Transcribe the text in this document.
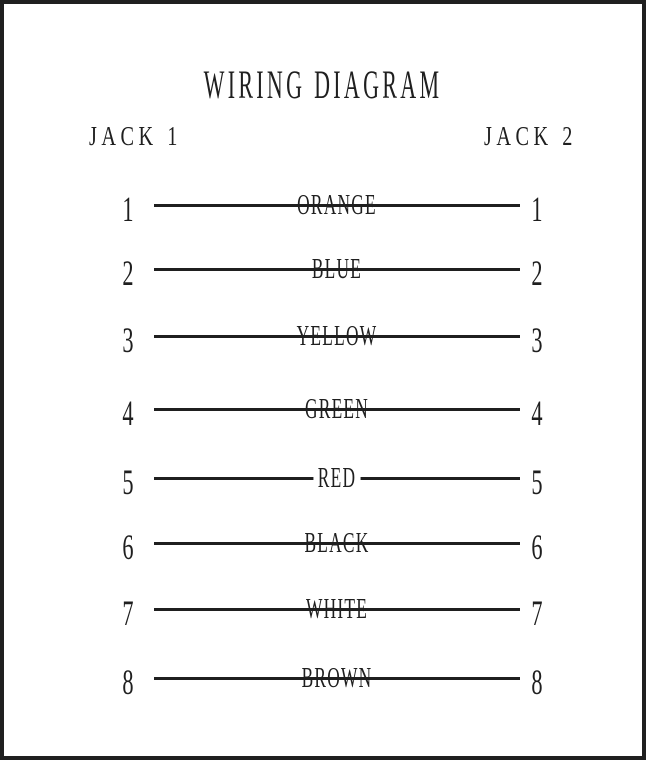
WIRING DIAGRAM
JACK 1	JACK 2
1	ORANGE	1
2	BLUE	2
3	YELLOW	3
4	GREEN	4
5	RED	5
6	BLACK	6
7	WHITE	7
8	BROWN	8
